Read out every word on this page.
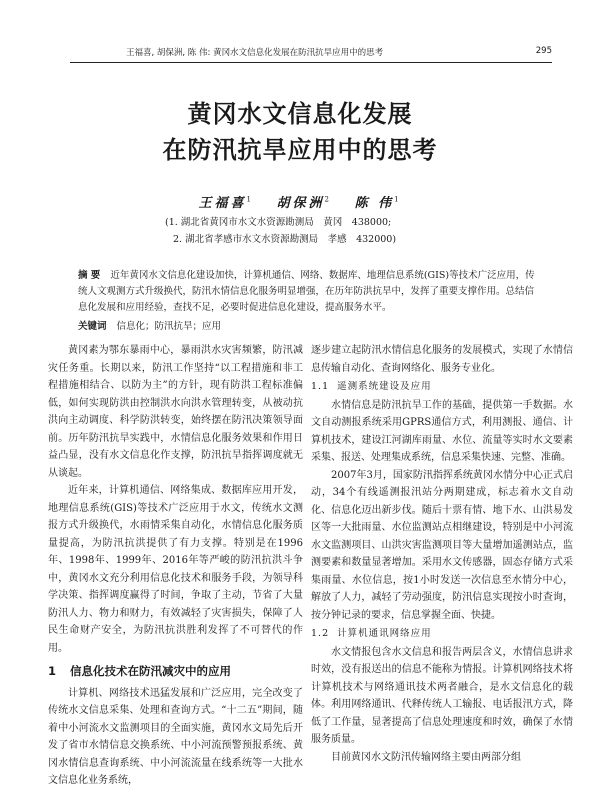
王福喜, 胡保洲, 陈 伟: 黄冈水文信息化发展在防汛抗旱应用中的思考	295
黄冈水文信息化发展
在防汛抗旱应用中的思考
王福喜$^1$ 胡保洲$^2$ 陈 伟$^1$
(1. 湖北省黄冈市水文水资源勘测局　黄冈　438000;
2. 湖北省孝感市水文水资源勘测局　孝感　432000)
摘 要 近年黄冈水文信息化建设加快，计算机通信、网络、数据库、地理信息系统(GIS)等技术广泛应用，传统人文观测方式升级换代，防汛水情信息化服务明显增强，在历年防洪抗旱中，发挥了重要支撑作用。总结信息化发展和应用经验，查找不足，必要时促进信息化建设，提高服务水平。
关键词 信息化；防汛抗旱；应用

黄冈素为鄂东暴雨中心，暴雨洪水灾害频繁，防汛减灾任务重。长期以来，防汛工作坚持“以工程措施和非工程措施相结合、以防为主”的方针，现有防洪工程标准偏低，如何实现防洪由控制洪水向洪水管理转变，从被动抗洪向主动调度、科学防洪转变，始终摆在防汛决策领导面前。历年防汛抗旱实践中，水情信息化服务效果和作用日益凸显，没有水文信息化作支撑，防汛抗旱指挥调度就无从谈起。

近年来，计算机通信、网络集成、数据库应用开发，地理信息系统(GIS)等技术广泛应用于水文，传统水文测报方式升级换代，水雨情采集自动化，水情信息化服务质量提高，为防汛抗洪提供了有力支撑。特别是在1996年、1998年、1999年、2016年等严峻的防汛抗洪斗争中，黄冈水文充分利用信息化技术和服务手段，为领导科学决策、指挥调度赢得了时间，争取了主动，节省了大量防汛人力、物力和财力，有效减轻了灾害损失，保障了人民生命财产安全，为防汛抗洪胜利发挥了不可替代的作用。

1 信息化技术在防汛减灾中的应用

计算机、网络技术迅猛发展和广泛应用，完全改变了传统水文信息采集、处理和查询方式。“十二五”期间，随着中小河流水文监测项目的全面实施，黄冈水文局先后开发了省市水情信息交换系统、中小河流预警预报系统、黄冈水情信息查询系统、中小河流流量在线系统等一大批水文信息化业务系统，

逐步建立起防汛水情信息化服务的发展模式，实现了水情信息传输自动化、查询网络化、服务专业化。

1.1 遥测系统建设及应用

水情信息是防汛抗旱工作的基础，提供第一手数据。水文自动测报系统采用GPRS通信方式，利用测报、通信、计算机技术，建设江河湖库雨量、水位、流量等实时水文要素采集、报送、处理集成系统，信息采集快速、完整、准确。

2007年3月，国家防汛指挥系统黄冈水情分中心正式启动，34个有线遥测报汛站分两期建成，标志着水文自动化、信息化迈出新步伐。随后十票有情、地下水、山洪易发区等一大批雨量、水位监测站点相继建设，特别是中小河流水文监测项目、山洪灾害监测项目等大量增加遥测站点，监测要素和数量显著增加。采用水文传感器，固态存储方式采集雨量、水位信息，按1小时发送一次信息至水情分中心，解放了人力，减轻了劳动强度，防汛信息实现按小时查询，按分钟记录的要求，信息掌握全面、快捷。

1.2 计算机通讯网络应用

水文情报包含水文信息和报告两层含义，水情信息讲求时效，没有报送出的信息不能称为情报。计算机网络技术将计算机技术与网络通讯技术两者融合，是水文信息化的载体。利用网络通讯、代释传统人工输报、电话报汛方式，降低了工作量，显著提高了信息处理速度和时效，确保了水情服务质量。

目前黄冈水文防汛传输网络主要由两部分组
